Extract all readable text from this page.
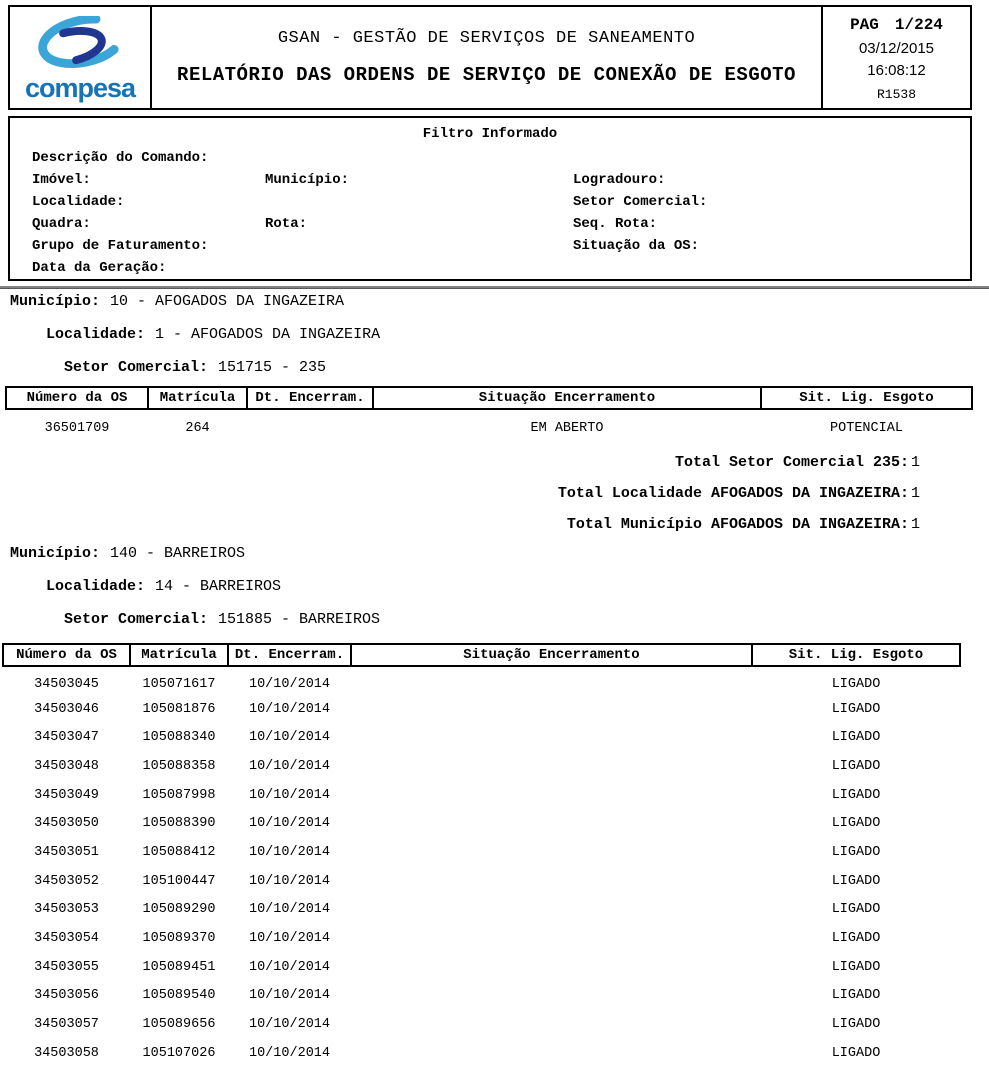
compesa
GSAN - GESTÃO DE SERVIÇOS DE SANEAMENTO
RELATÓRIO DAS ORDENS DE SERVIÇO DE CONEXÃO DE ESGOTO
PAG 1/224
03/12/2015
16:08:12
R1538
Filtro Informado
Descrição do Comando:
Imóvel:	Município:	Logradouro:
Localidade:	Setor Comercial:
Quadra:	Rota:	Seq. Rota:
Grupo de Faturamento:	Situação da OS:
Data da Geração:
Município: 10 - AFOGADOS DA INGAZEIRA
Localidade: 1 - AFOGADOS DA INGAZEIRA
Setor Comercial: 151715 - 235
Número da OS	Matrícula	Dt. Encerram.	Situação Encerramento	Sit. Lig. Esgoto
36501709	264		EM ABERTO	POTENCIAL
Total Setor Comercial 235: 1
Total Localidade AFOGADOS DA INGAZEIRA: 1
Total Município AFOGADOS DA INGAZEIRA: 1
Município: 140 - BARREIROS
Localidade: 14 - BARREIROS
Setor Comercial: 151885 - BARREIROS
Número da OS	Matrícula	Dt. Encerram.	Situação Encerramento	Sit. Lig. Esgoto
34503045	105071617	10/10/2014		LIGADO
34503046	105081876	10/10/2014		LIGADO
34503047	105088340	10/10/2014		LIGADO
34503048	105088358	10/10/2014		LIGADO
34503049	105087998	10/10/2014		LIGADO
34503050	105088390	10/10/2014		LIGADO
34503051	105088412	10/10/2014		LIGADO
34503052	105100447	10/10/2014		LIGADO
34503053	105089290	10/10/2014		LIGADO
34503054	105089370	10/10/2014		LIGADO
34503055	105089451	10/10/2014		LIGADO
34503056	105089540	10/10/2014		LIGADO
34503057	105089656	10/10/2014		LIGADO
34503058	105107026	10/10/2014		LIGADO
